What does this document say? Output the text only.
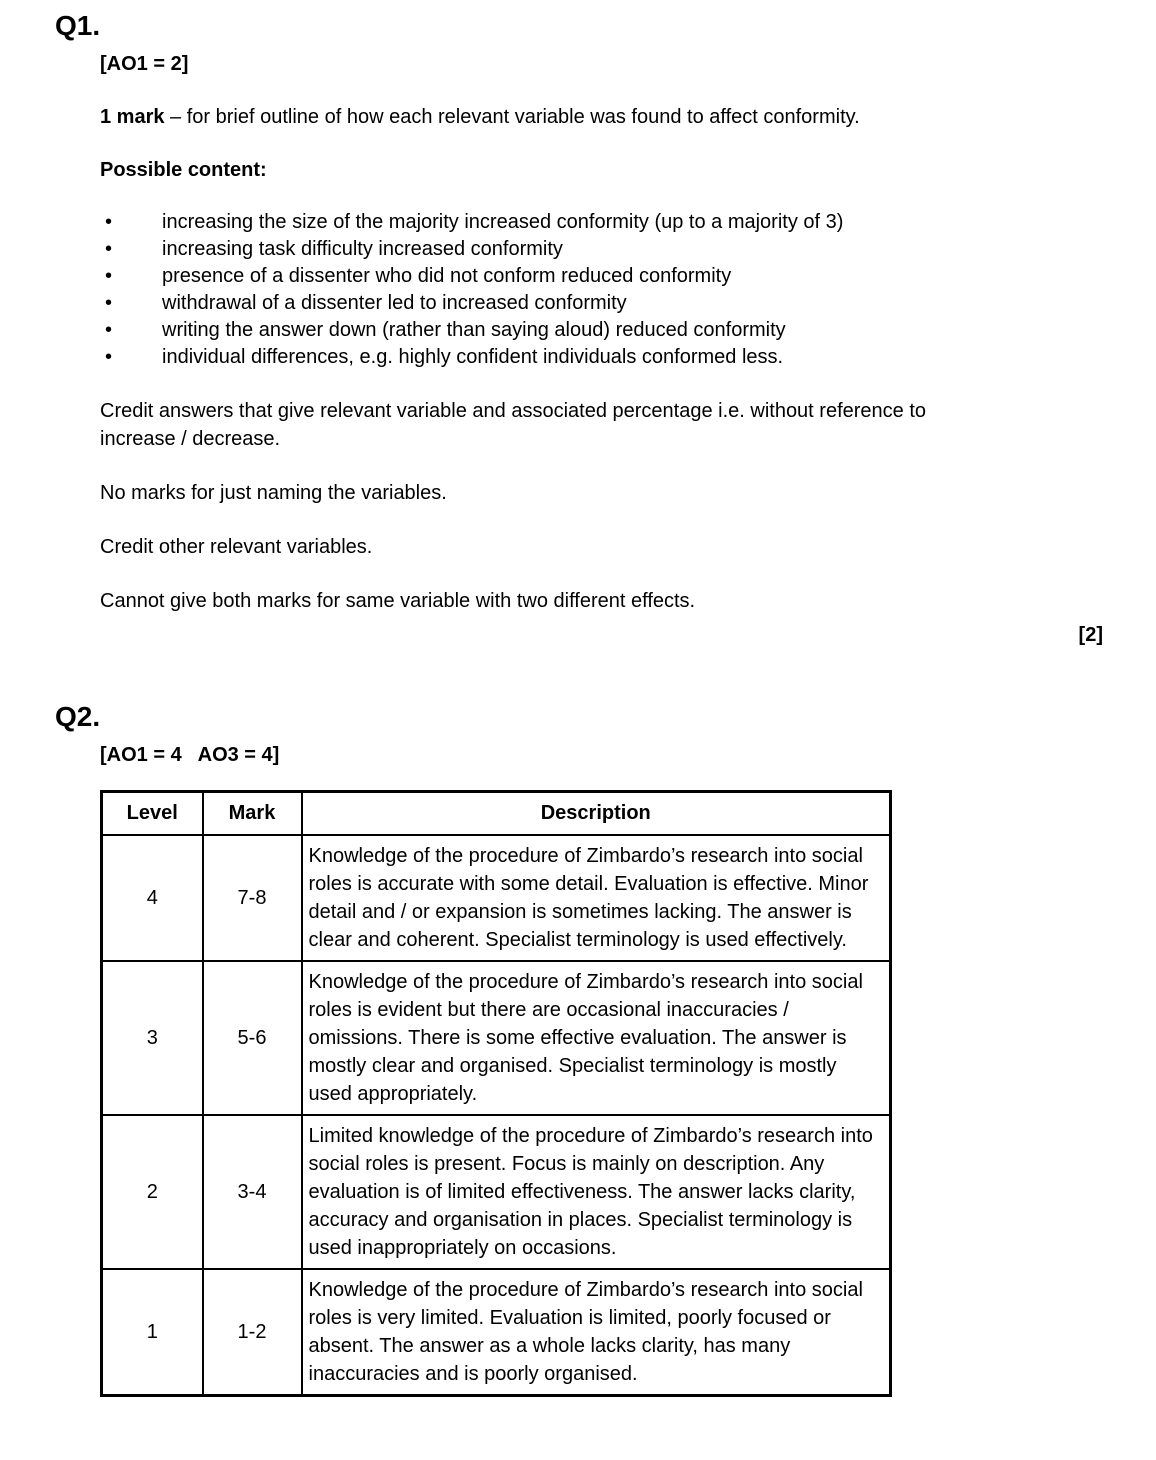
Q1.

[AO1 = 2]

1 mark – for brief outline of how each relevant variable was found to affect conformity.

Possible content:

• increasing the size of the majority increased conformity (up to a majority of 3)
• increasing task difficulty increased conformity
• presence of a dissenter who did not conform reduced conformity
• withdrawal of a dissenter led to increased conformity
• writing the answer down (rather than saying aloud) reduced conformity
• individual differences, e.g. highly confident individuals conformed less.

Credit answers that give relevant variable and associated percentage i.e. without reference to increase / decrease.

No marks for just naming the variables.

Credit other relevant variables.

Cannot give both marks for same variable with two different effects.

[2]

Q2.

[AO1 = 4   AO3 = 4]

Level	Mark	Description
4	7-8	Knowledge of the procedure of Zimbardo’s research into social roles is accurate with some detail. Evaluation is effective. Minor detail and / or expansion is sometimes lacking. The answer is clear and coherent. Specialist terminology is used effectively.
3	5-6	Knowledge of the procedure of Zimbardo’s research into social roles is evident but there are occasional inaccuracies / omissions. There is some effective evaluation. The answer is mostly clear and organised. Specialist terminology is mostly used appropriately.
2	3-4	Limited knowledge of the procedure of Zimbardo’s research into social roles is present. Focus is mainly on description. Any evaluation is of limited effectiveness. The answer lacks clarity, accuracy and organisation in places. Specialist terminology is used inappropriately on occasions.
1	1-2	Knowledge of the procedure of Zimbardo’s research into social roles is very limited. Evaluation is limited, poorly focused or absent. The answer as a whole lacks clarity, has many inaccuracies and is poorly organised.
